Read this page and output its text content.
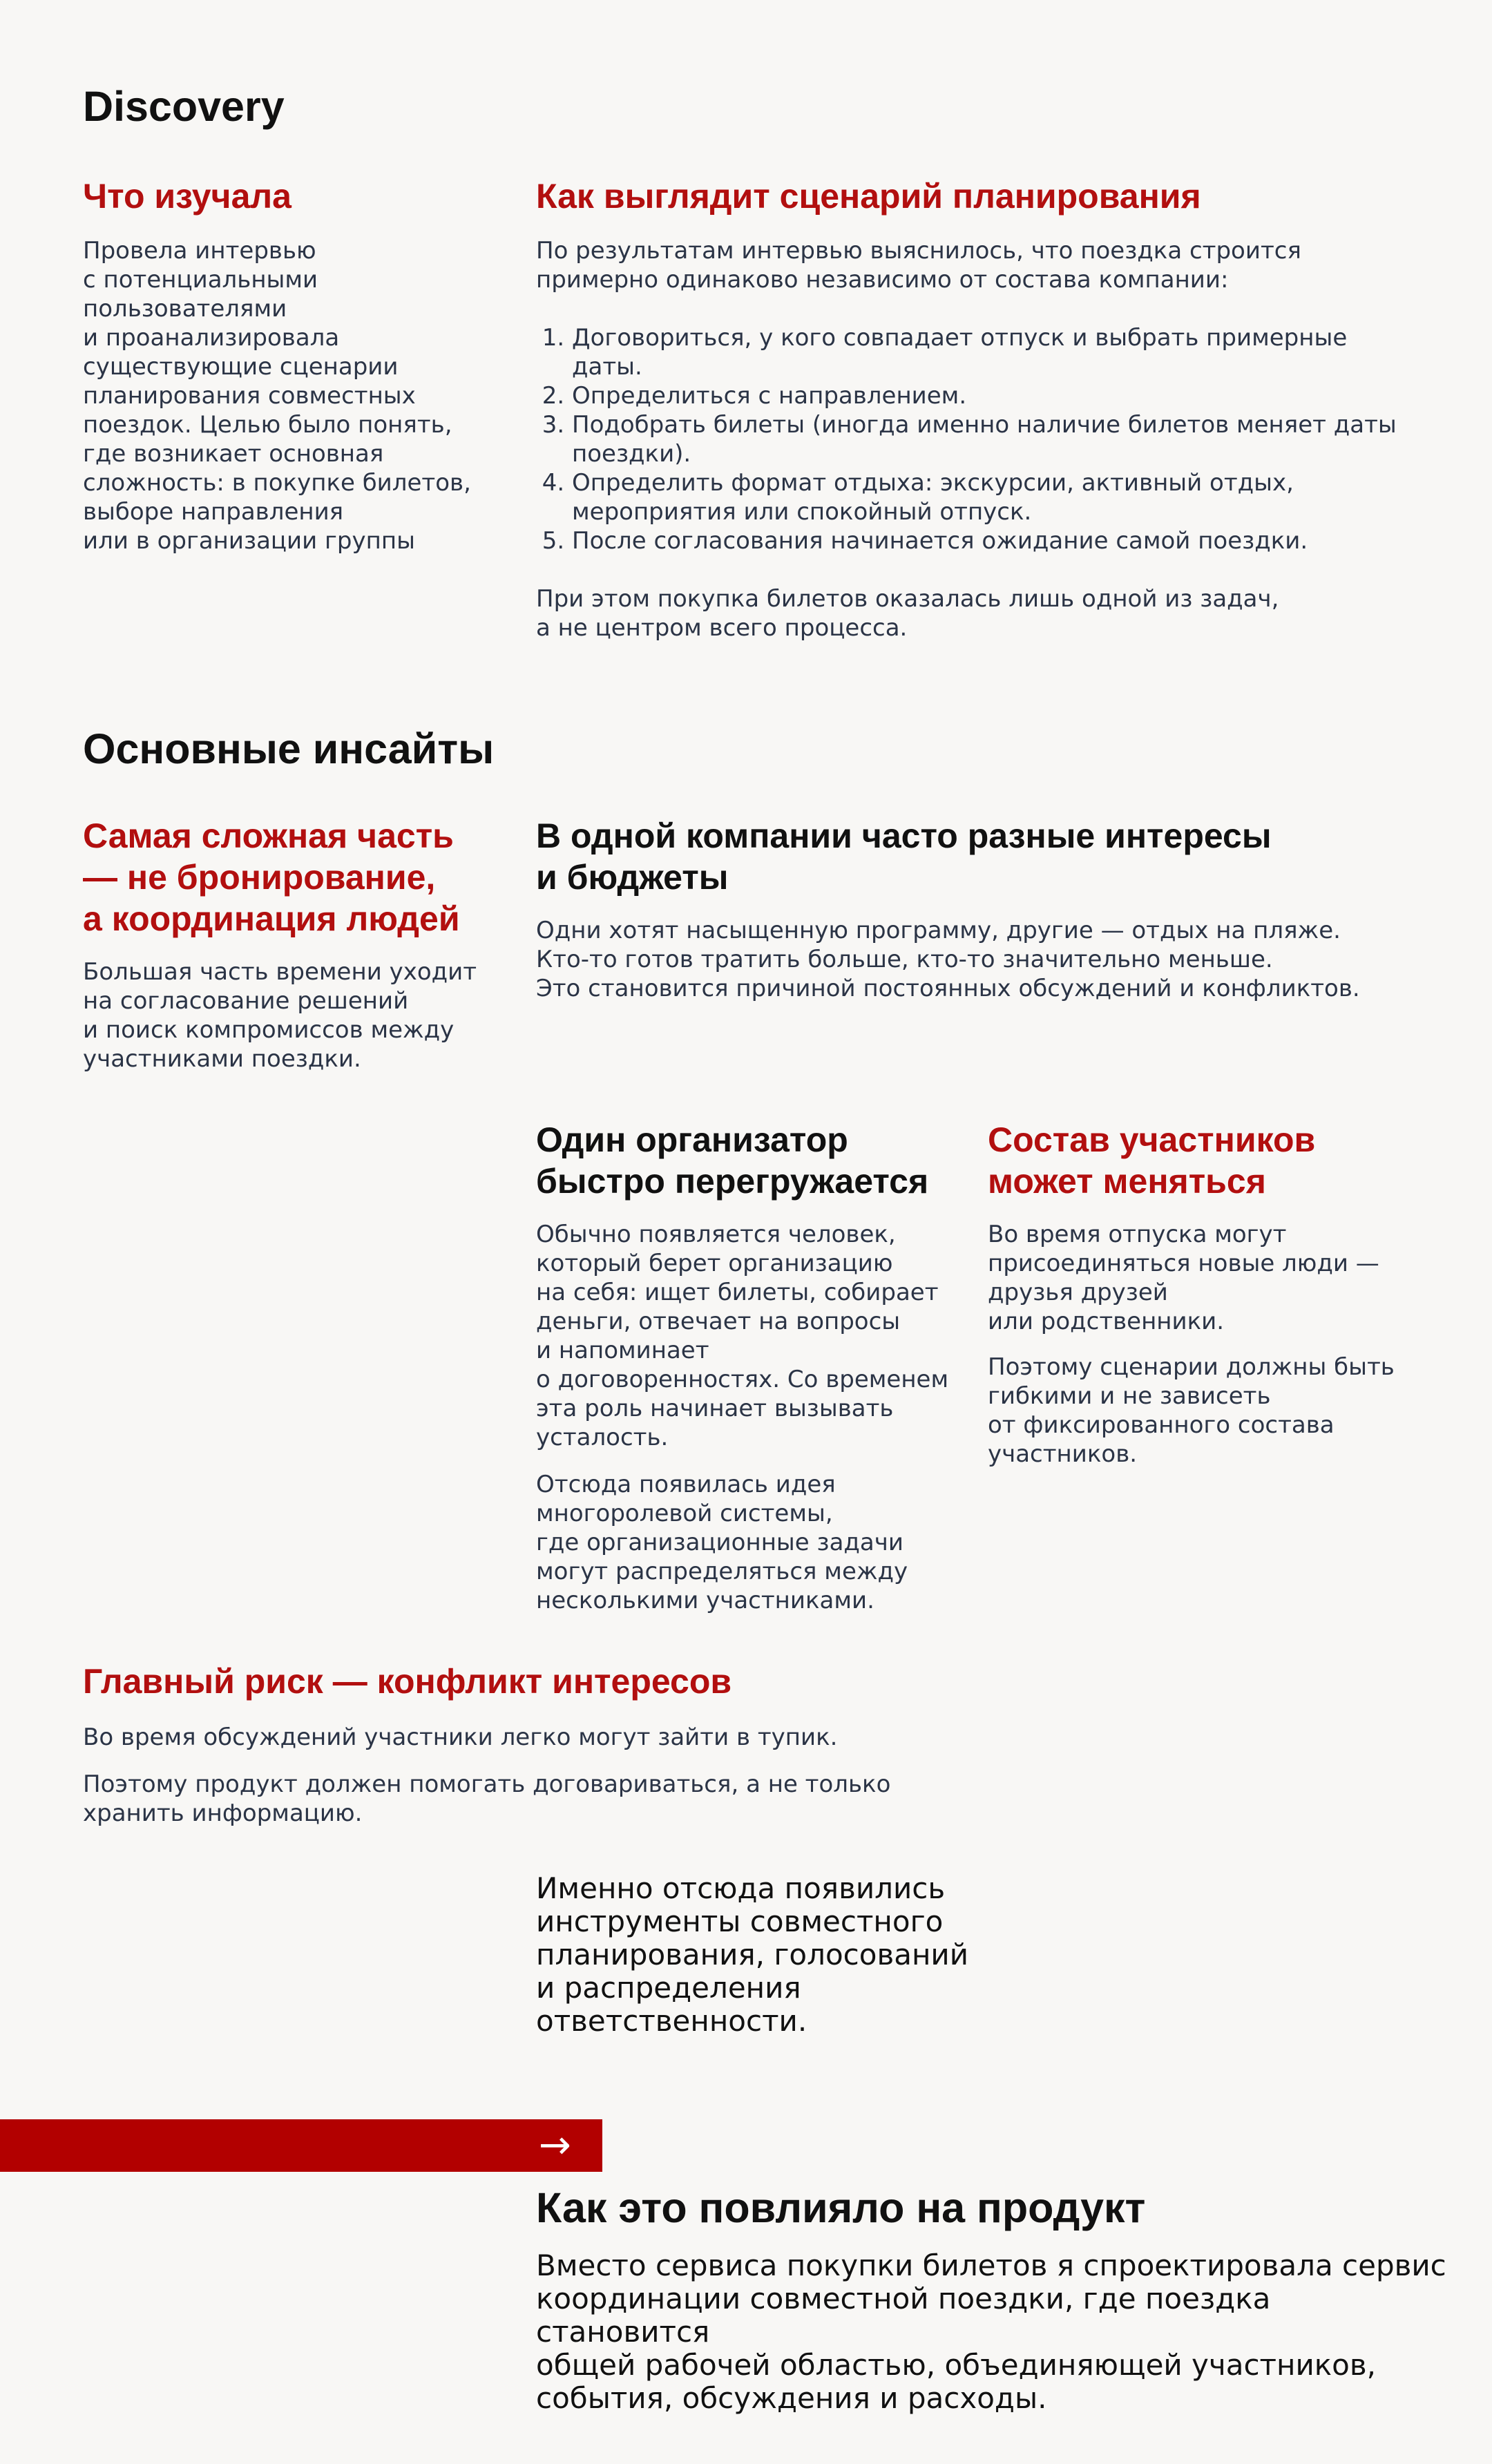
Discovery
Что изучала

Провела интервью
с потенциальными
пользователями
и проанализировала
существующие сценарии
планирования совместных
поездок. Целью было понять,
где возникает основная
сложность: в покупке билетов,
выборе направления
или в организации группы

Как выглядит сценарий планирования

По результатам интервью выяснилось, что поездка строится
примерно одинаково независимо от состава компании:

1. Договориться, у кого совпадает отпуск и выбрать примерные
даты.
2. Определиться с направлением.
3. Подобрать билеты (иногда именно наличие билетов меняет даты
поездки).
4. Определить формат отдыха: экскурсии, активный отдых,
мероприятия или спокойный отпуск.
5. После согласования начинается ожидание самой поездки.

При этом покупка билетов оказалась лишь одной из задач,
а не центром всего процесса.

Основные инсайты
Самая сложная часть
— не бронирование,
а координация людей

Большая часть времени уходит
на согласование решений
и поиск компромиссов между
участниками поездки.

В одной компании часто разные интересы
и бюджеты

Одни хотят насыщенную программу, другие — отдых на пляже.
Кто-то готов тратить больше, кто-то значительно меньше.
Это становится причиной постоянных обсуждений и конфликтов.

Один организатор
быстро перегружается

Обычно появляется человек,
который берет организацию
на себя: ищет билеты, собирает
деньги, отвечает на вопросы
и напоминает
о договоренностях. Со временем
эта роль начинает вызывать
усталость.

Отсюда появилась идея
многоролевой системы,
где организационные задачи
могут распределяться между
несколькими участниками.

Состав участников
может меняться

Во время отпуска могут
присоединяться новые люди —
друзья друзей
или родственники.

Поэтому сценарии должны быть
гибкими и не зависеть
от фиксированного состава
участников.

Главный риск — конфликт интересов

Во время обсуждений участники легко могут зайти в тупик.

Поэтому продукт должен помогать договариваться, а не только
хранить информацию.

Именно отсюда появились
инструменты совместного
планирования, голосований
и распределения
ответственности.

→
Как это повлияло на продукт

Вместо сервиса покупки билетов я спроектировала сервис
координации совместной поездки, где поездка становится
общей рабочей областью, объединяющей участников,
события, обсуждения и расходы.
